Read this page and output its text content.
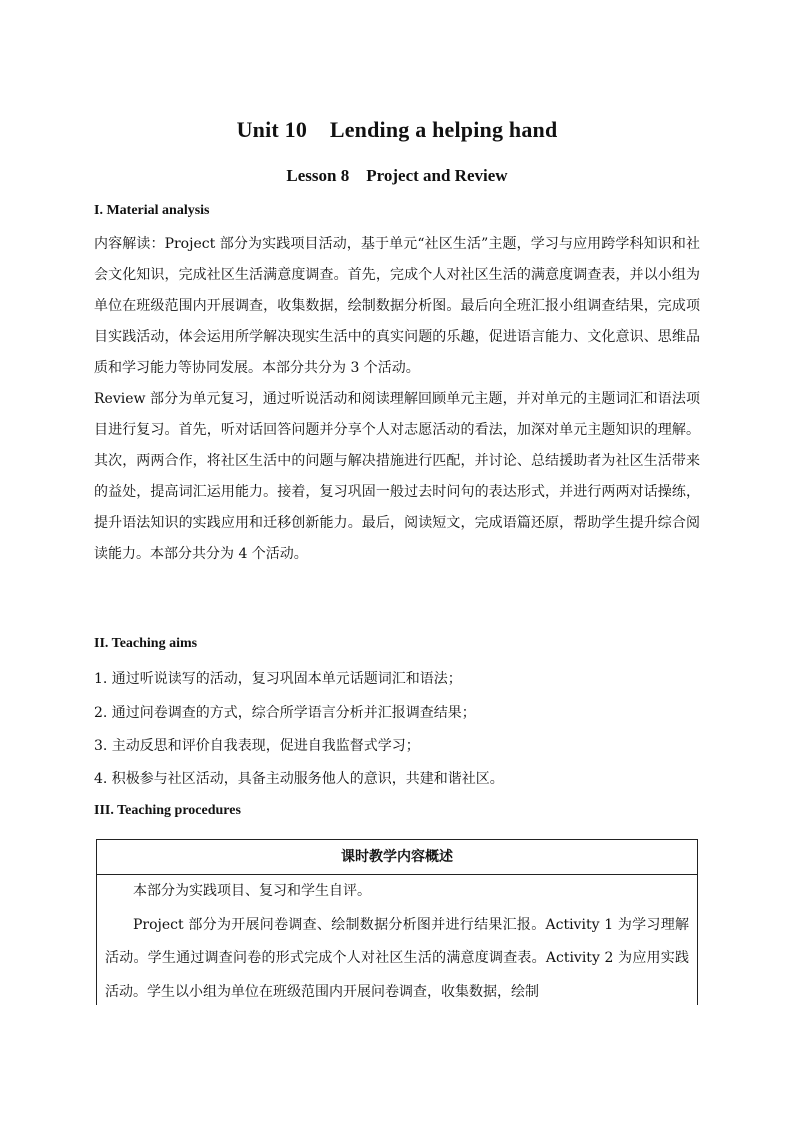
Unit 10    Lending a helping hand
Lesson 8    Project and Review
I. Material analysis

内容解读：Project 部分为实践项目活动，基于单元“社区生活”主题，学习与应用跨学科知识和社会文化知识，完成社区生活满意度调查。首先，完成个人对社区生活的满意度调查表，并以小组为单位在班级范围内开展调查，收集数据，绘制数据分析图。最后向全班汇报小组调查结果，完成项目实践活动，体会运用所学解决现实生活中的真实问题的乐趣，促进语言能力、文化意识、思维品质和学习能力等协同发展。本部分共分为 3 个活动。

Review 部分为单元复习，通过听说活动和阅读理解回顾单元主题，并对单元的主题词汇和语法项目进行复习。首先，听对话回答问题并分享个人对志愿活动的看法，加深对单元主题知识的理解。其次，两两合作，将社区生活中的问题与解决措施进行匹配，并讨论、总结援助者为社区生活带来的益处，提高词汇运用能力。接着，复习巩固一般过去时问句的表达形式，并进行两两对话操练，提升语法知识的实践应用和迁移创新能力。最后，阅读短文，完成语篇还原，帮助学生提升综合阅读能力。本部分共分为 4 个活动。

II. Teaching aims
1. 通过听说读写的活动，复习巩固本单元话题词汇和语法；
2. 通过问卷调查的方式，综合所学语言分析并汇报调查结果；
3. 主动反思和评价自我表现，促进自我监督式学习；
4. 积极参与社区活动，具备主动服务他人的意识，共建和谐社区。
III. Teaching procedures
课时教学内容概述

本部分为实践项目、复习和学生自评。

Project 部分为开展问卷调查、绘制数据分析图并进行结果汇报。Activity 1 为学习理解活动。学生通过调查问卷的形式完成个人对社区生活的满意度调查表。Activity 2 为应用实践活动。学生以小组为单位在班级范围内开展问卷调查，收集数据，绘制
